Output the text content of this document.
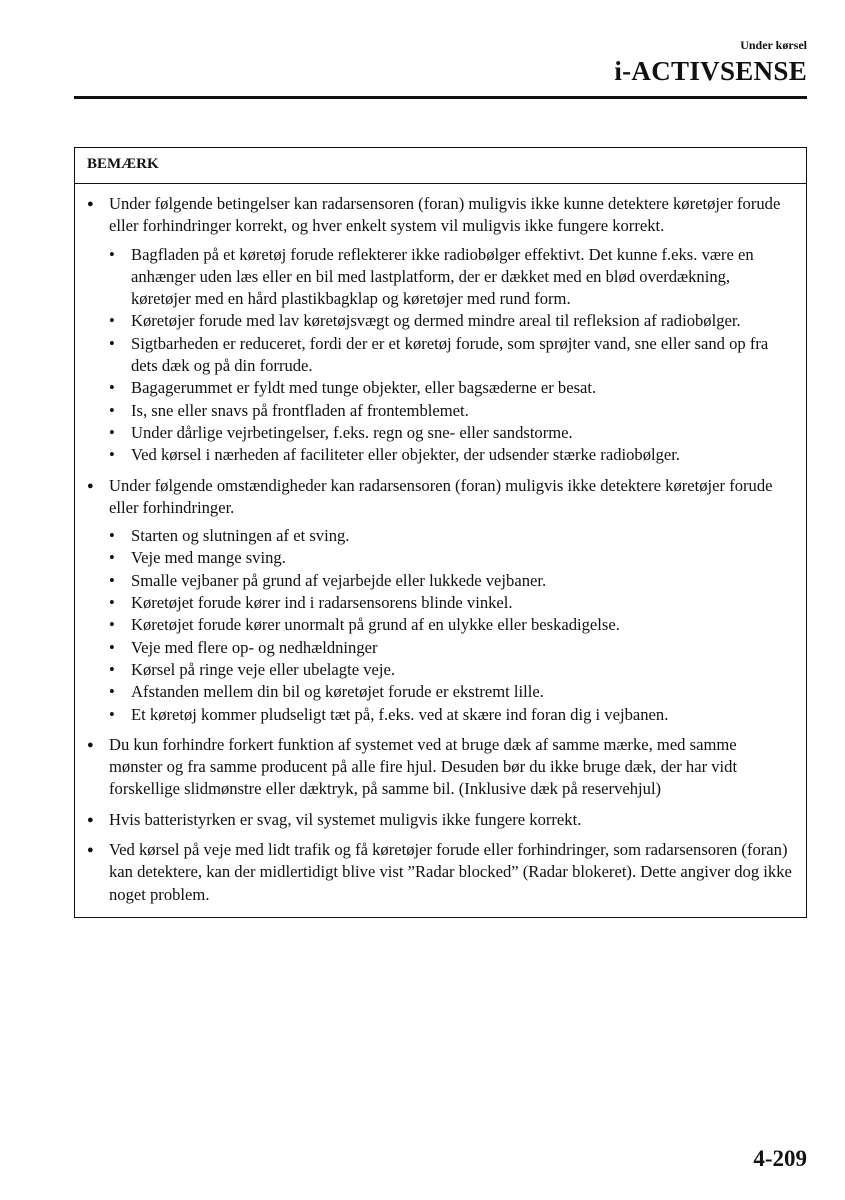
Under kørsel
i-ACTIVSENSE
BEMÆRK
● Under følgende betingelser kan radarsensoren (foran) muligvis ikke kunne detektere køretøjer forude eller forhindringer korrekt, og hver enkelt system vil muligvis ikke fungere korrekt.
• Bagfladen på et køretøj forude reflekterer ikke radiobølger effektivt. Det kunne f.eks. være en anhænger uden læs eller en bil med lastplatform, der er dækket med en blød overdækning, køretøjer med en hård plastikbagklap og køretøjer med rund form.
• Køretøjer forude med lav køretøjsvægt og dermed mindre areal til refleksion af radiobølger.
• Sigtbarheden er reduceret, fordi der er et køretøj forude, som sprøjter vand, sne eller sand op fra dets dæk og på din forrude.
• Bagagerummet er fyldt med tunge objekter, eller bagsæderne er besat.
• Is, sne eller snavs på frontfladen af frontemblemet.
• Under dårlige vejrbetingelser, f.eks. regn og sne- eller sandstorme.
• Ved kørsel i nærheden af faciliteter eller objekter, der udsender stærke radiobølger.
● Under følgende omstændigheder kan radarsensoren (foran) muligvis ikke detektere køretøjer forude eller forhindringer.
• Starten og slutningen af et sving.
• Veje med mange sving.
• Smalle vejbaner på grund af vejarbejde eller lukkede vejbaner.
• Køretøjet forude kører ind i radarsensorens blinde vinkel.
• Køretøjet forude kører unormalt på grund af en ulykke eller beskadigelse.
• Veje med flere op- og nedhældninger
• Kørsel på ringe veje eller ubelagte veje.
• Afstanden mellem din bil og køretøjet forude er ekstremt lille.
• Et køretøj kommer pludseligt tæt på, f.eks. ved at skære ind foran dig i vejbanen.
● Du kun forhindre forkert funktion af systemet ved at bruge dæk af samme mærke, med samme mønster og fra samme producent på alle fire hjul. Desuden bør du ikke bruge dæk, der har vidt forskellige slidmønstre eller dæktryk, på samme bil. (Inklusive dæk på reservehjul)
● Hvis batteristyrken er svag, vil systemet muligvis ikke fungere korrekt.
● Ved kørsel på veje med lidt trafik og få køretøjer forude eller forhindringer, som radarsensoren (foran) kan detektere, kan der midlertidigt blive vist ”Radar blocked” (Radar blokeret). Dette angiver dog ikke noget problem.
4-209
